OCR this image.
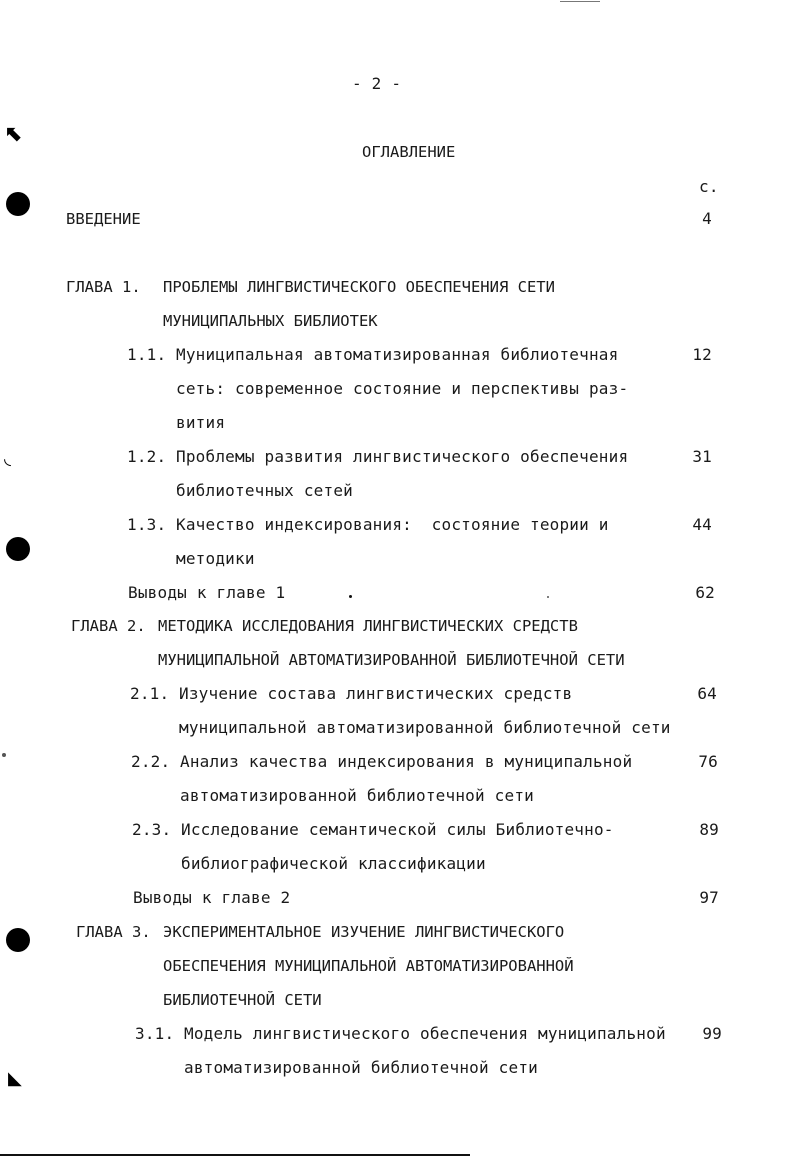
⬉
◟
◣
- 2 -
ОГЛАВЛЕНИЕ
с.
ВВЕДЕНИЕ	4
ГЛАВА 1. ПРОБЛЕМЫ ЛИНГВИСТИЧЕСКОГО ОБЕСПЕЧЕНИЯ СЕТИ
МУНИЦИПАЛЬНЫХ БИБЛИОТЕК
1.1. Муниципальная автоматизированная библиотечная	12
сеть: современное состояние и перспективы раз-
вития
1.2. Проблемы развития лингвистического обеспечения	31
библиотечных сетей
1.3. Качество индексирования:  состояние теории и	44
методики
Выводы к главе 1	62
ГЛАВА 2. МЕТОДИКА ИССЛЕДОВАНИЯ ЛИНГВИСТИЧЕСКИХ СРЕДСТВ
МУНИЦИПАЛЬНОЙ АВТОМАТИЗИРОВАННОЙ БИБЛИОТЕЧНОЙ СЕТИ
2.1. Изучение состава лингвистических средств	64
муниципальной автоматизированной библиотечной сети
2.2. Анализ качества индексирования в муниципальной	76
автоматизированной библиотечной сети
2.3. Исследование семантической силы Библиотечно-	89
библиографической классификации
Выводы к главе 2	97
ГЛАВА 3. ЭКСПЕРИМЕНТАЛЬНОЕ ИЗУЧЕНИЕ ЛИНГВИСТИЧЕСКОГО
ОБЕСПЕЧЕНИЯ МУНИЦИПАЛЬНОЙ АВТОМАТИЗИРОВАННОЙ
БИБЛИОТЕЧНОЙ СЕТИ
3.1. Модель лингвистического обеспечения муниципальной	99
автоматизированной библиотечной сети
